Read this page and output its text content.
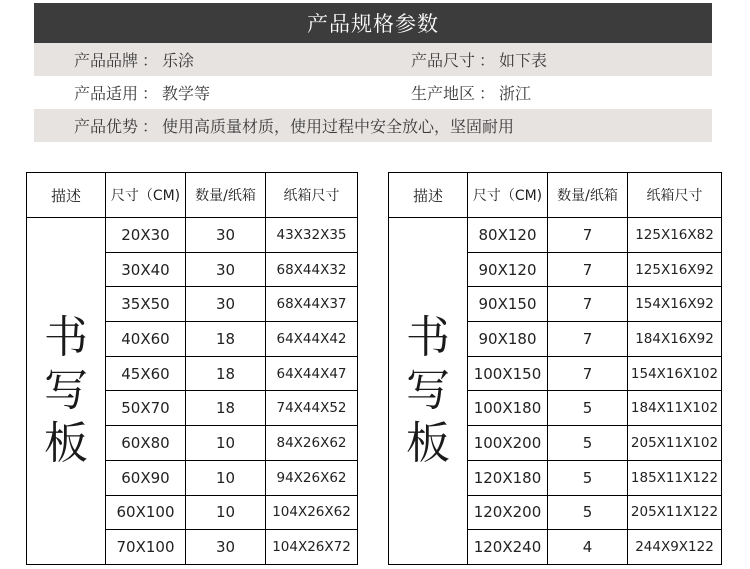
产品规格参数
产品品牌 ： 乐涂	产品尺寸 ： 如下表
产品适用 ： 教学等	生产地区 ： 浙江
产品优势 ： 使用高质量材质，使用过程中安全放心，坚固耐用
描述	尺寸（CM)	数量/纸箱	纸箱尺寸

书
写
板	20X30	30	43X32X35
	30X40	30	68X44X32
	35X50	30	68X44X37
	40X60	18	64X44X42
	45X60	18	64X44X47
	50X70	18	74X44X52
	60X80	10	84X26X62
	60X90	10	94X26X62
	60X100	10	104X26X62
	70X100	30	104X26X72
描述	尺寸（CM)	数量/纸箱	纸箱尺寸

书
写
板	80X120	7	125X16X82
	90X120	7	125X16X92
	90X150	7	154X16X92
	90X180	7	184X16X92
	100X150	7	154X16X102
	100X180	5	184X11X102
	100X200	5	205X11X102
	120X180	5	185X11X122
	120X200	5	205X11X122
	120X240	4	244X9X122
